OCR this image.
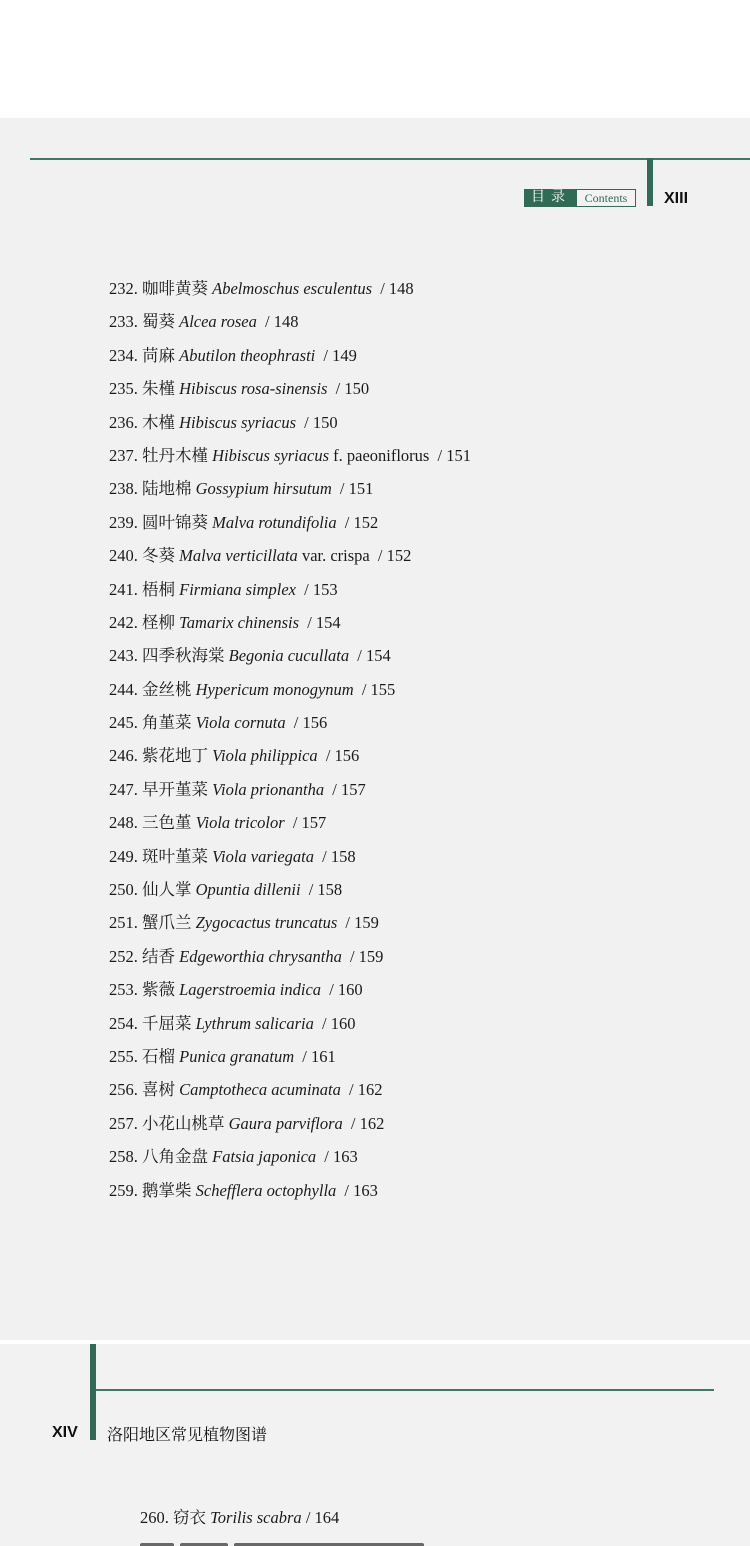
目录	Contents	XIII
232. 咖啡黄葵 Abelmoschus esculentus / 148
233. 蜀葵 Alcea rosea / 148
234. 苘麻 Abutilon theophrasti / 149
235. 朱槿 Hibiscus rosa-sinensis / 150
236. 木槿 Hibiscus syriacus / 150
237. 牡丹木槿 Hibiscus syriacus f. paeoniflorus / 151
238. 陆地棉 Gossypium hirsutum / 151
239. 圆叶锦葵 Malva rotundifolia / 152
240. 冬葵 Malva verticillata var. crispa / 152
241. 梧桐 Firmiana simplex / 153
242. 柽柳 Tamarix chinensis / 154
243. 四季秋海棠 Begonia cucullata / 154
244. 金丝桃 Hypericum monogynum / 155
245. 角堇菜 Viola cornuta / 156
246. 紫花地丁 Viola philippica / 156
247. 早开堇菜 Viola prionantha / 157
248. 三色堇 Viola tricolor / 157
249. 斑叶堇菜 Viola variegata / 158
250. 仙人掌 Opuntia dillenii / 158
251. 蟹爪兰 Zygocactus truncatus / 159
252. 结香 Edgeworthia chrysantha / 159
253. 紫薇 Lagerstroemia indica / 160
254. 千屈菜 Lythrum salicaria / 160
255. 石榴 Punica granatum / 161
256. 喜树 Camptotheca acuminata / 162
257. 小花山桃草 Gaura parviflora / 162
258. 八角金盘 Fatsia japonica / 163
259. 鹅掌柴 Schefflera octophylla / 163
XIV 洛阳地区常见植物图谱
260. 窃衣 Torilis scabra / 164
